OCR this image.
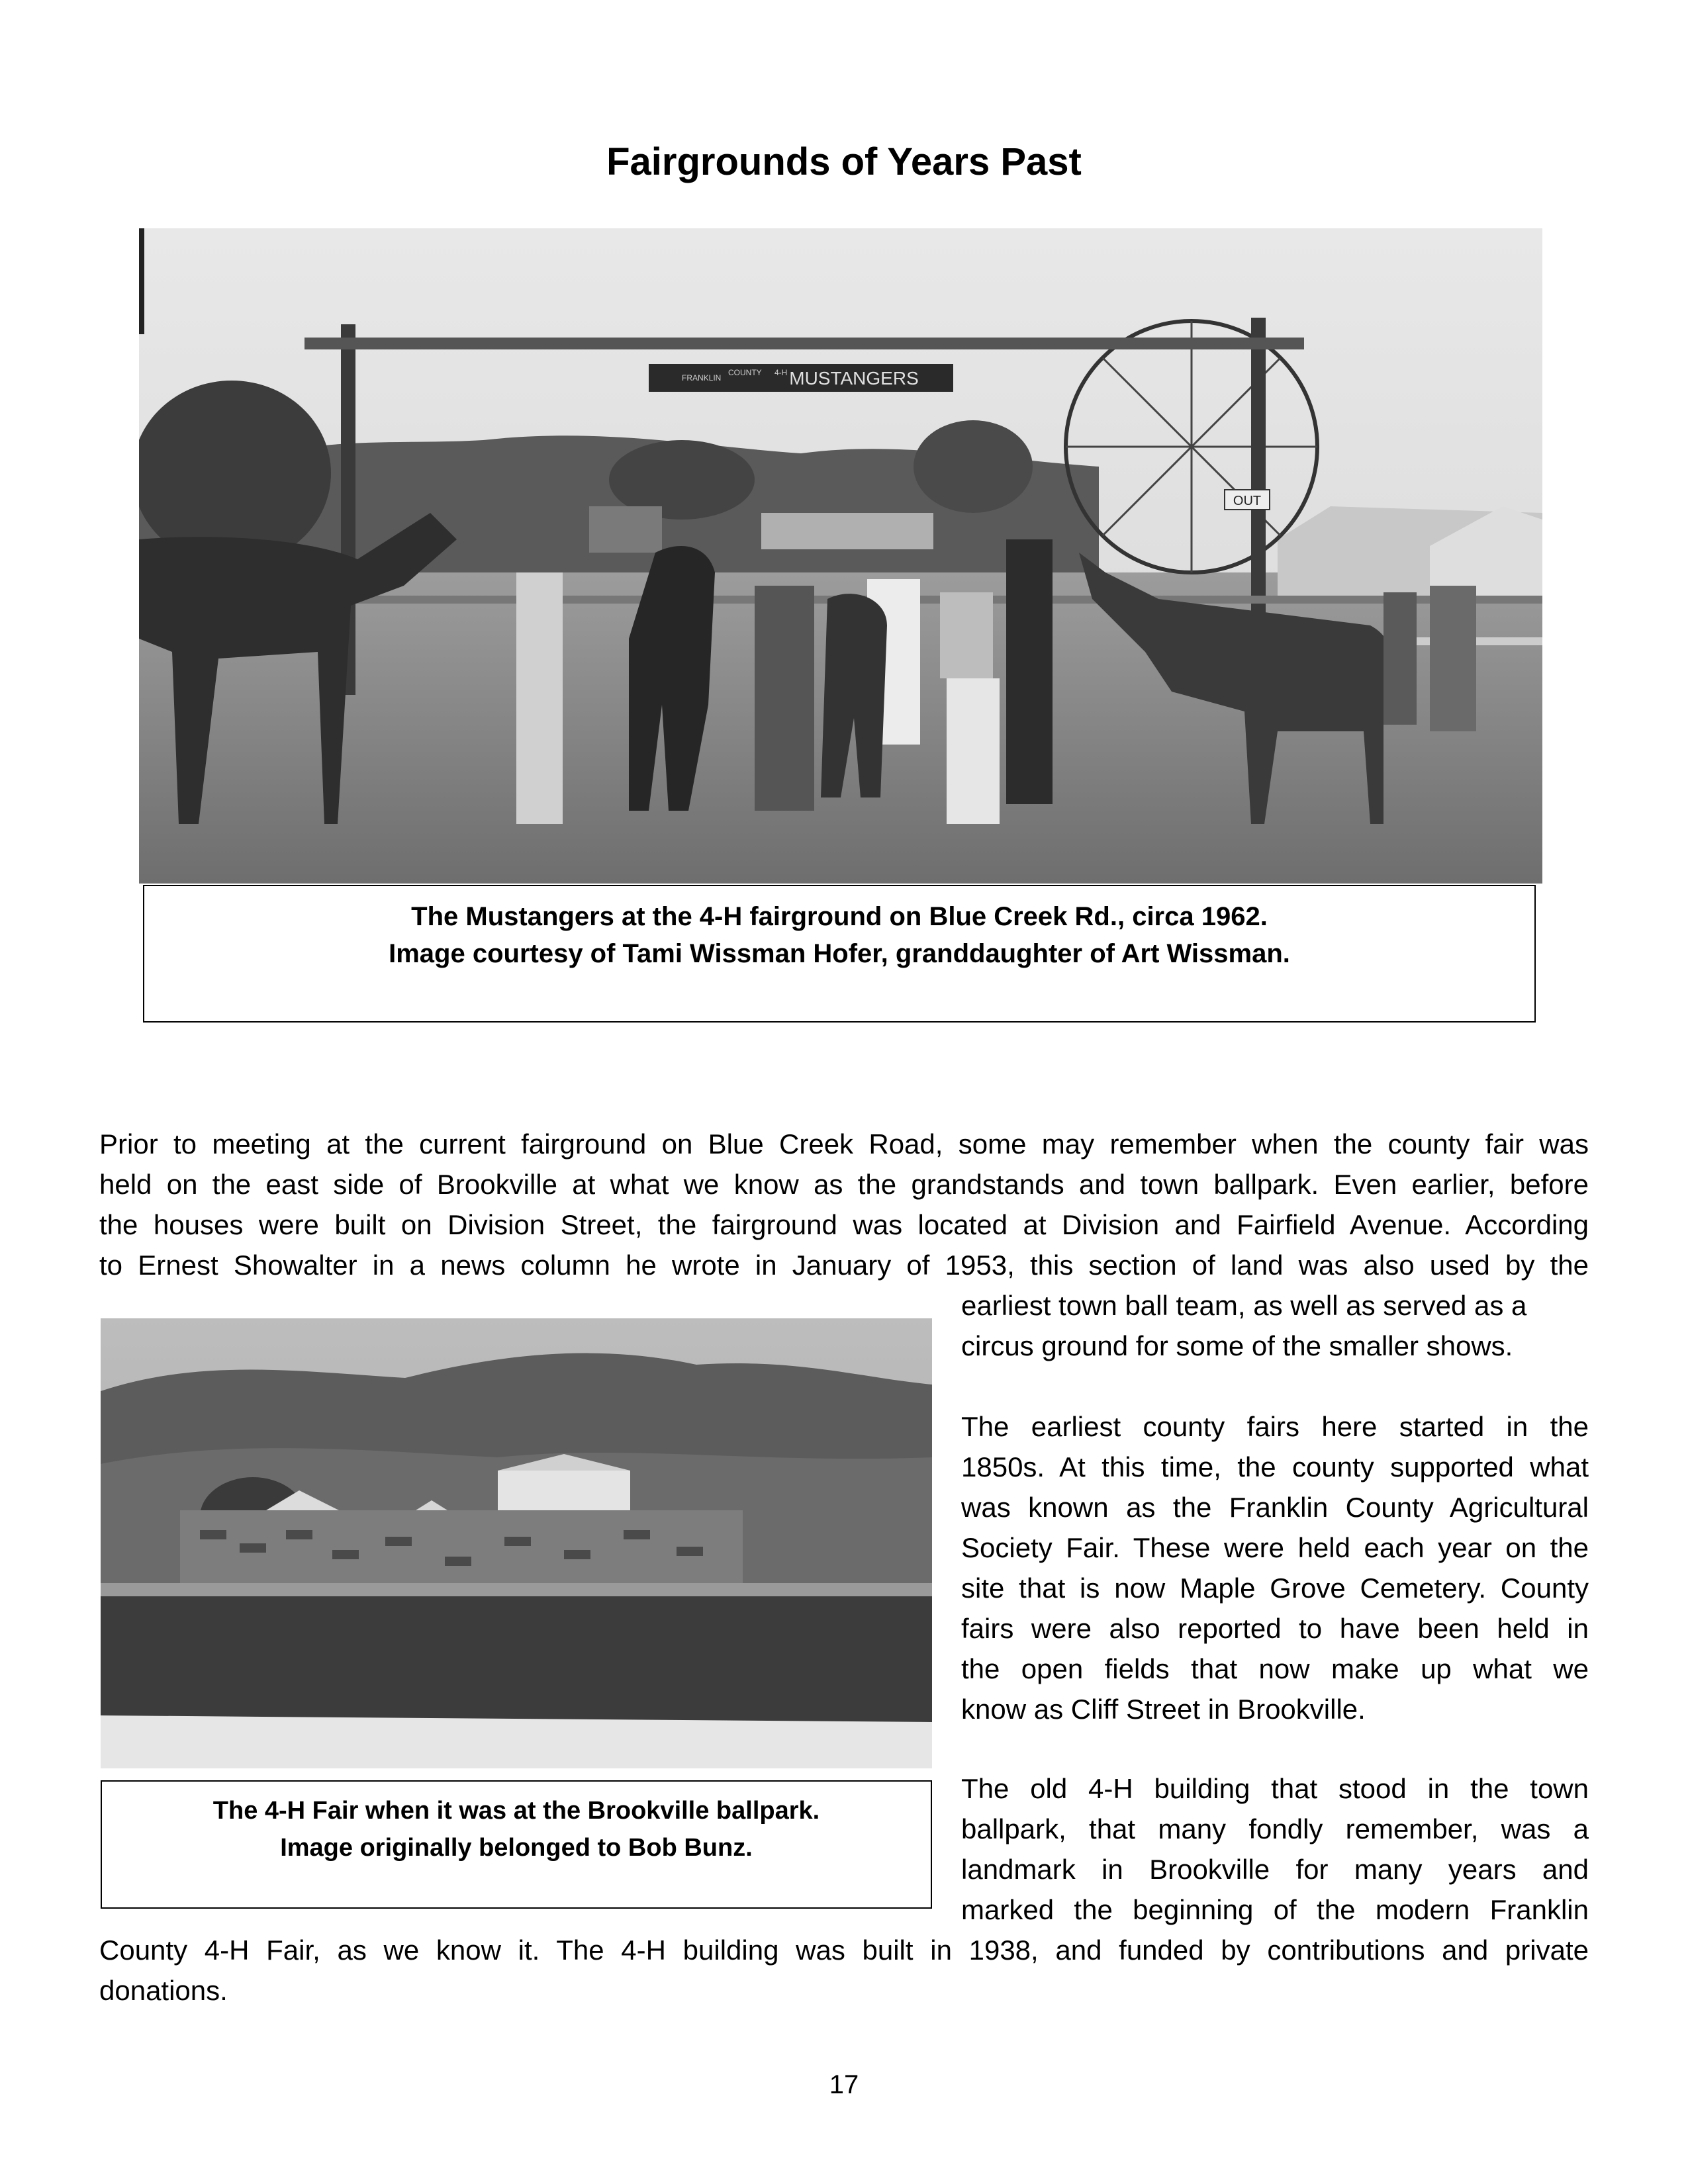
Fairgrounds of Years Past
MUSTANGERS
FRANKLIN
COUNTY 4-H
OUT
The Mustangers at the 4-H fairground on Blue Creek Rd., circa 1962.
Image courtesy of Tami Wissman Hofer, granddaughter of Art Wissman.
Prior to meeting at the current fairground on Blue Creek Road, some may remember when the county fair was
held on the east side of Brookville at what we know as the grandstands and town ballpark. Even earlier, before
the houses were built on Division Street, the fairground was located at Division and Fairfield Avenue. According
to Ernest Showalter in a news column he wrote in January of 1953, this section of land was also used by the
The 4-H Fair when it was at the Brookville ballpark.
Image originally belonged to Bob Bunz.
earliest town ball team, as well as served as a
circus ground for some of the smaller shows.
The earliest county fairs here started in the
1850s. At this time, the county supported what
was known as the Franklin County Agricultural
Society Fair. These were held each year on the
site that is now Maple Grove Cemetery. County
fairs were also reported to have been held in
the open fields that now make up what we
know as Cliff Street in Brookville.
The old 4-H building that stood in the town
ballpark, that many fondly remember, was a
landmark in Brookville for many years and
marked the beginning of the modern Franklin
County 4-H Fair, as we know it. The 4-H building was built in 1938, and funded by contributions and private
donations.
17
